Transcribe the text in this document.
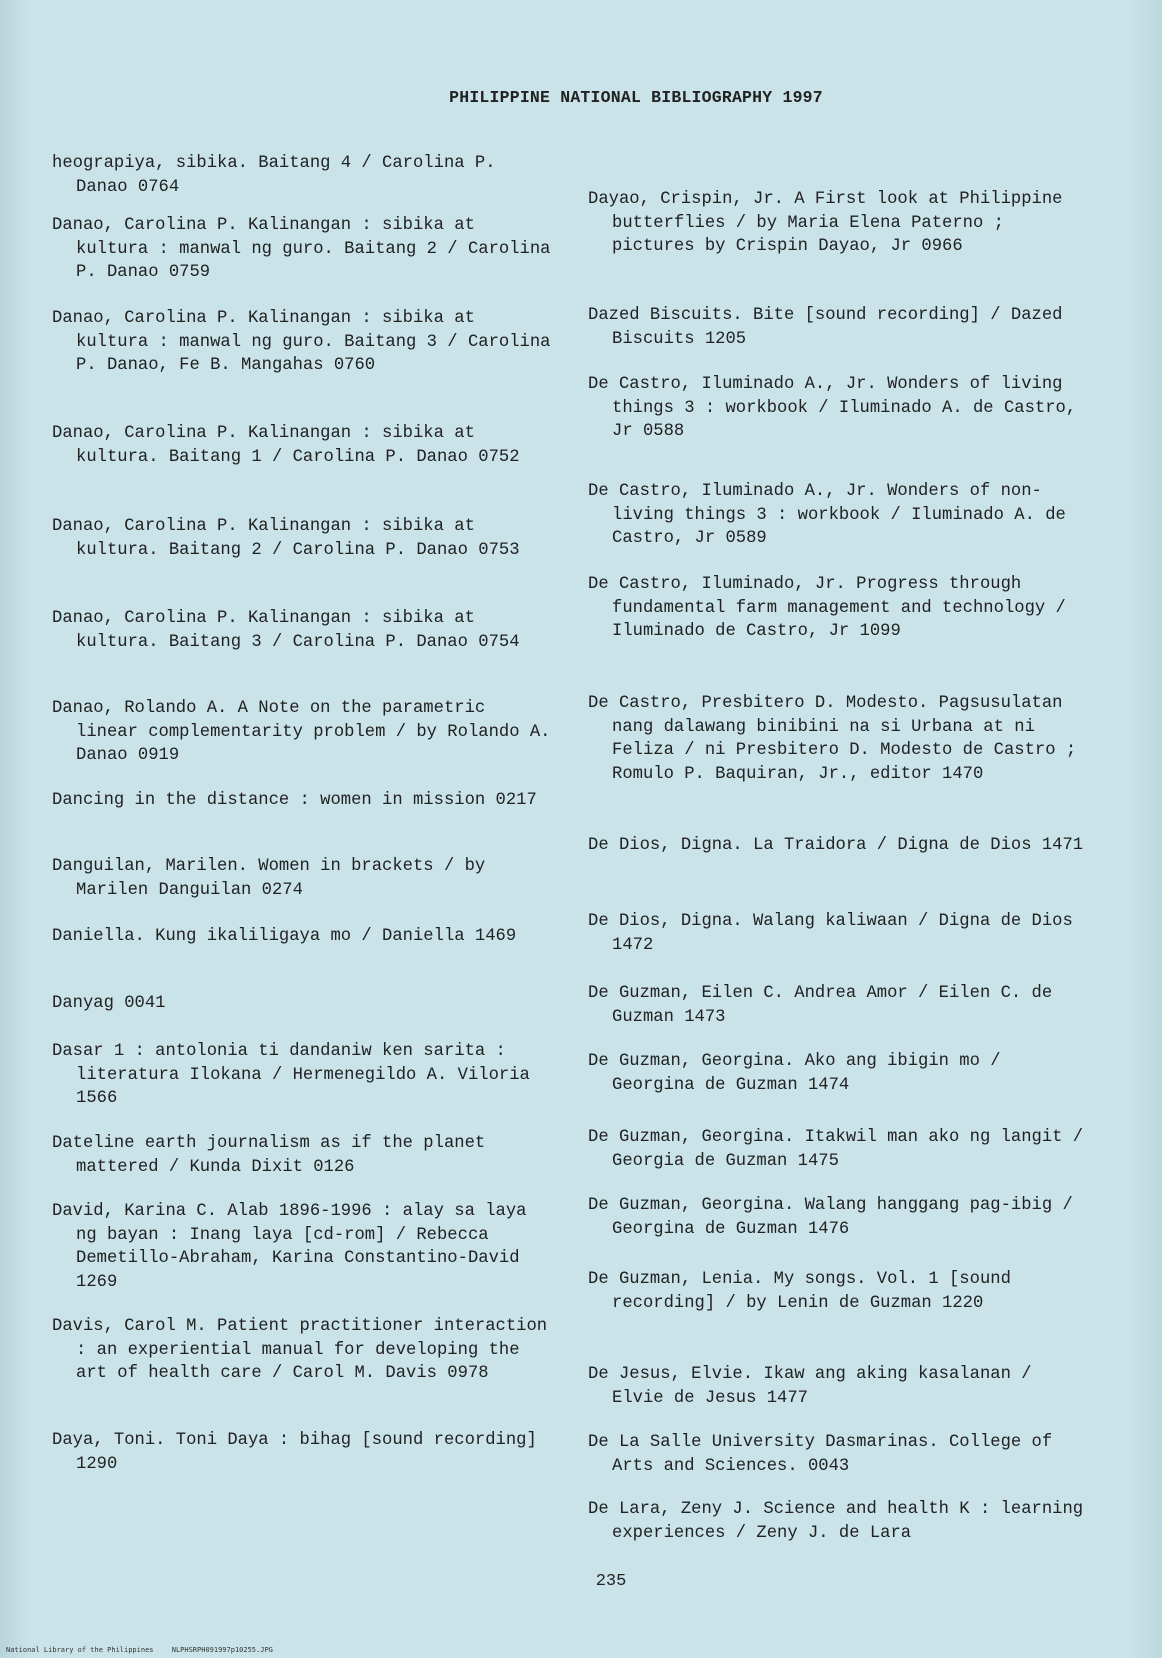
PHILIPPINE NATIONAL BIBLIOGRAPHY 1997
heograpiya, sibika. Baitang 4 / Carolina P. Danao 0764
Danao, Carolina P. Kalinangan : sibika at kultura : manwal ng guro. Baitang 2 / Carolina P. Danao 0759
Danao, Carolina P. Kalinangan : sibika at kultura : manwal ng guro. Baitang 3 / Carolina P. Danao, Fe B. Mangahas 0760
Danao, Carolina P. Kalinangan : sibika at kultura. Baitang 1 / Carolina P. Danao 0752
Danao, Carolina P. Kalinangan : sibika at kultura. Baitang 2 / Carolina P. Danao 0753
Danao, Carolina P. Kalinangan : sibika at kultura. Baitang 3 / Carolina P. Danao 0754
Danao, Rolando A. A Note on the parametric linear complementarity problem / by Rolando A. Danao 0919
Dancing in the distance : women in mission 0217
Danguilan, Marilen. Women in brackets / by Marilen Danguilan 0274
Daniella. Kung ikaliligaya mo / Daniella 1469
Danyag 0041
Dasar 1 : antolonia ti dandaniw ken sarita : literatura Ilokana / Hermenegildo A. Viloria 1566
Dateline earth journalism as if the planet mattered / Kunda Dixit 0126
David, Karina C. Alab 1896-1996 : alay sa laya ng bayan : Inang laya [cd-rom] / Rebecca Demetillo-Abraham, Karina Constantino-David 1269
Davis, Carol M. Patient practitioner interaction : an experiential manual for developing the art of health care / Carol M. Davis 0978
Daya, Toni. Toni Daya : bihag [sound recording] 1290
Dayao, Crispin, Jr. A First look at Philippine butterflies / by Maria Elena Paterno ; pictures by Crispin Dayao, Jr 0966
Dazed Biscuits. Bite [sound recording] / Dazed Biscuits 1205
De Castro, Iluminado A., Jr. Wonders of living things 3 : workbook / Iluminado A. de Castro, Jr 0588
De Castro, Iluminado A., Jr. Wonders of non-living things 3 : workbook / Iluminado A. de Castro, Jr 0589
De Castro, Iluminado, Jr. Progress through fundamental farm management and technology / Iluminado de Castro, Jr 1099
De Castro, Presbitero D. Modesto. Pagsusulatan nang dalawang binibini na si Urbana at ni Feliza / ni Presbitero D. Modesto de Castro ; Romulo P. Baquiran, Jr., editor 1470
De Dios, Digna. La Traidora / Digna de Dios 1471
De Dios, Digna. Walang kaliwaan / Digna de Dios 1472
De Guzman, Eilen C. Andrea Amor / Eilen C. de Guzman 1473
De Guzman, Georgina. Ako ang ibigin mo / Georgina de Guzman 1474
De Guzman, Georgina. Itakwil man ako ng langit / Georgia de Guzman 1475
De Guzman, Georgina. Walang hanggang pag-ibig / Georgina de Guzman 1476
De Guzman, Lenia. My songs. Vol. 1 [sound recording] / by Lenin de Guzman 1220
De Jesus, Elvie. Ikaw ang aking kasalanan / Elvie de Jesus 1477
De La Salle University Dasmarinas. College of Arts and Sciences. 0043
De Lara, Zeny J. Science and health K : learning experiences / Zeny J. de Lara
235
National Library of the Philippines	NLPHSRPH091997p10255.JPG
